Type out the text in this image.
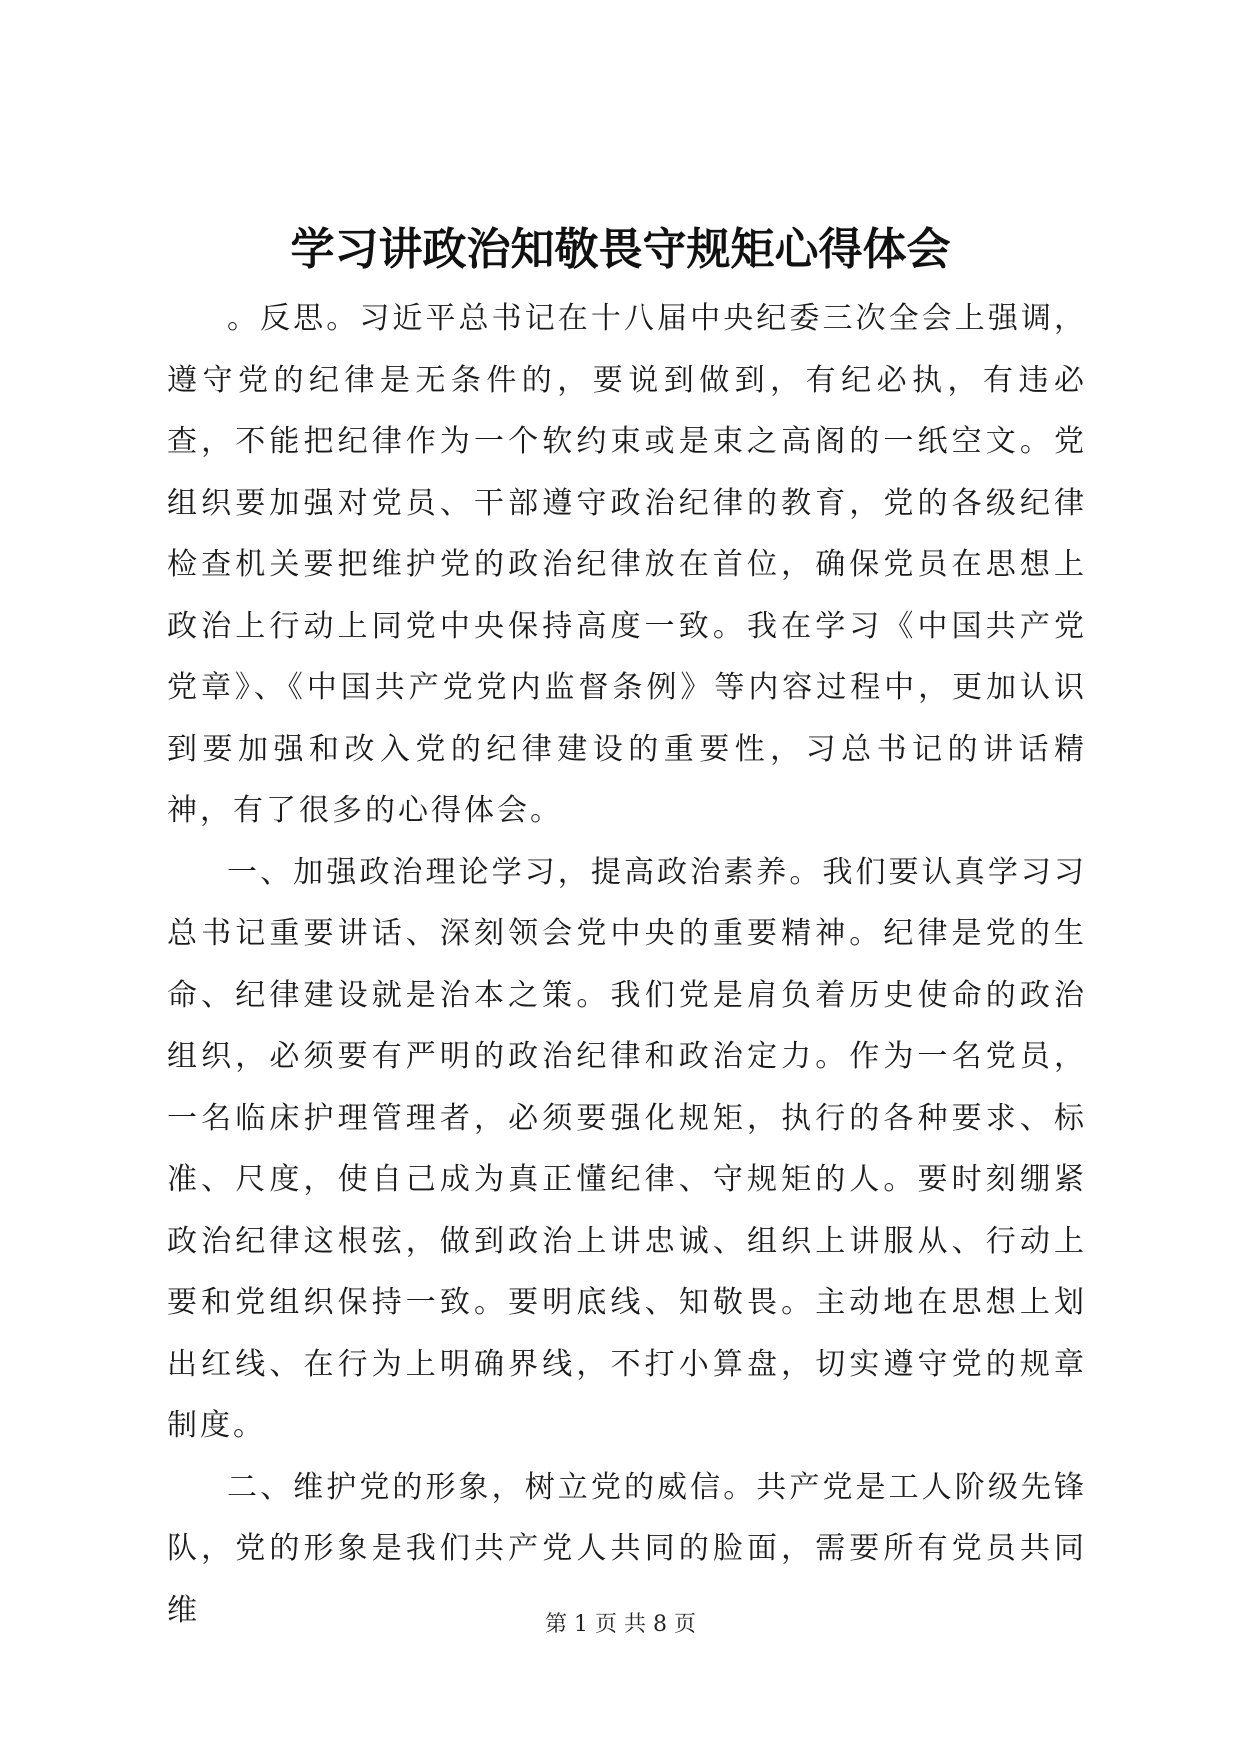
学习讲政治知敬畏守规矩心得体会

。反思。习近平总书记在十八届中央纪委三次全会上强调，遵守党的纪律是无条件的，要说到做到，有纪必执，有违必查，不能把纪律作为一个软约束或是束之高阁的一纸空文。党组织要加强对党员、干部遵守政治纪律的教育，党的各级纪律检查机关要把维护党的政治纪律放在首位，确保党员在思想上政治上行动上同党中央保持高度一致。我在学习《中国共产党党章》、《中国共产党党内监督条例》等内容过程中，更加认识到要加强和改入党的纪律建设的重要性，习总书记的讲话精神，有了很多的心得体会。

一、加强政治理论学习，提高政治素养。我们要认真学习习总书记重要讲话、深刻领会党中央的重要精神。纪律是党的生命、纪律建设就是治本之策。我们党是肩负着历史使命的政治组织，必须要有严明的政治纪律和政治定力。作为一名党员，一名临床护理管理者，必须要强化规矩，执行的各种要求、标准、尺度，使自己成为真正懂纪律、守规矩的人。要时刻绷紧政治纪律这根弦，做到政治上讲忠诚、组织上讲服从、行动上要和党组织保持一致。要明底线、知敬畏。主动地在思想上划出红线、在行为上明确界线，不打小算盘，切实遵守党的规章制度。

二、维护党的形象，树立党的威信。共产党是工人阶级先锋队，党的形象是我们共产党人共同的脸面，需要所有党员共同维	第 1 页 共 8 页
